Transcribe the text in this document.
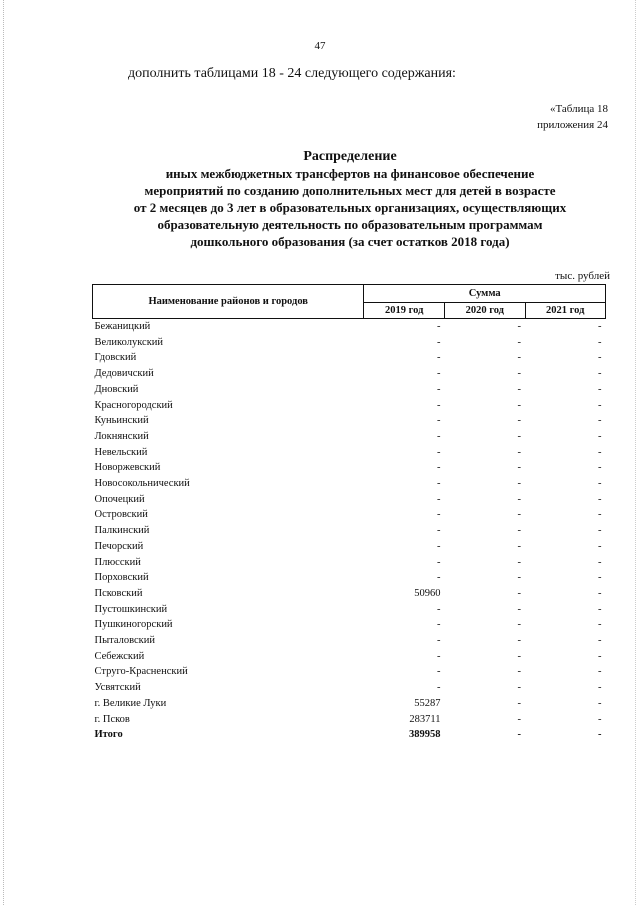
47
дополнить таблицами 18 - 24 следующего содержания:
«Таблица 18
приложения 24
Распределение
иных межбюджетных трансфертов на финансовое обеспечение
мероприятий по созданию дополнительных мест для детей в возрасте
от 2 месяцев до 3 лет в образовательных организациях, осуществляющих
образовательную деятельность по образовательным программам
дошкольного образования (за счет остатков 2018 года)
тыс. рублей
Наименование районов и городов	Сумма		
	2019 год	2020 год	2021 год
Бежаницкий	-	-	-
Великолукский	-	-	-
Гдовский	-	-	-
Дедовичский	-	-	-
Дновский	-	-	-
Красногородский	-	-	-
Куньинский	-	-	-
Локнянский	-	-	-
Невельский	-	-	-
Новоржевский	-	-	-
Новосокольнический	-	-	-
Опочецкий	-	-	-
Островский	-	-	-
Палкинский	-	-	-
Печорский	-	-	-
Плюсский	-	-	-
Порховский	-	-	-
Псковский	50960	-	-
Пустошкинский	-	-	-
Пушкиногорский	-	-	-
Пыталовский	-	-	-
Себежский	-	-	-
Струго-Красненский	-	-	-
Усвятский	-	-	-
г. Великие Луки	55287	-	-
г. Псков	283711	-	-
Итого	389958	-	-
